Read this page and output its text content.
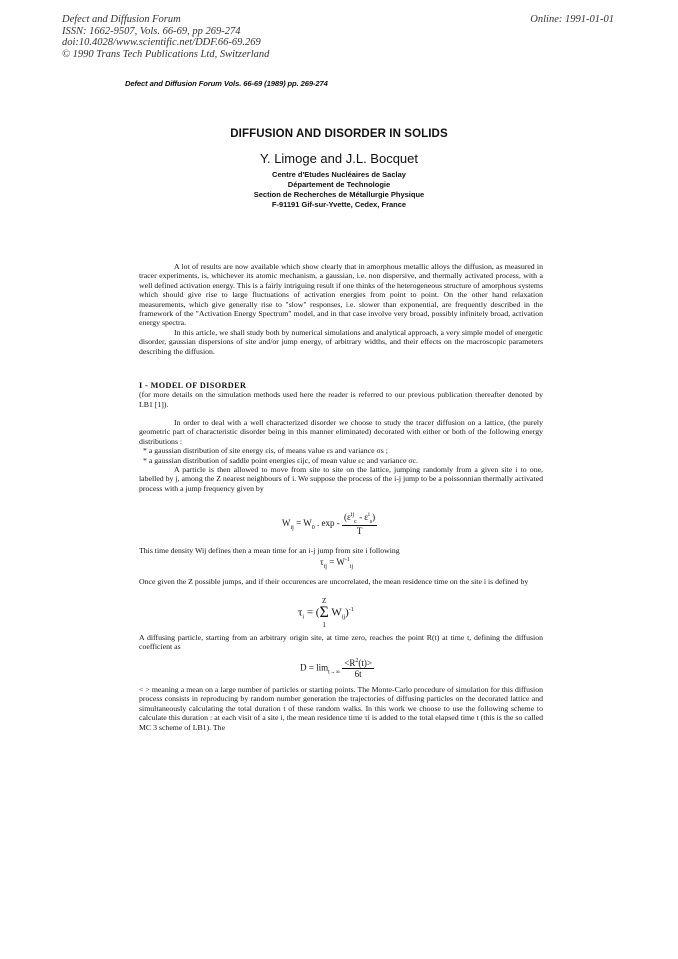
Defect and Diffusion Forum
ISSN: 1662-9507, Vols. 66-69, pp 269-274
doi:10.4028/www.scientific.net/DDF.66-69.269
© 1990 Trans Tech Publications Ltd, Switzerland
Online: 1991-01-01
Defect and Diffusion Forum Vols. 66-69 (1989) pp. 269-274
DIFFUSION AND DISORDER IN SOLIDS
Y. Limoge and J.L. Bocquet
Centre d'Etudes Nucléaires de Saclay
Département de Technologie
Section de Recherches de Métallurgie Physique
F-91191 Gif-sur-Yvette, Cedex, France

A lot of results are now available which show clearly that in amorphous metallic alloys the diffusion, as measured in tracer experiments, is, whichever its atomic mechanism, a gaussian, i.e. non dispersive, and thermally activated process, with a well defined activation energy. This is a fairly intriguing result if one thinks of the heterogeneous structure of amorphous systems which should give rise to large fluctuations of activation energies from point to point. On the other hand relaxation measurements, which give generally rise to "slow" responses, i.e. slower than exponential, are frequently described in the framework of the "Activation Energy Spectrum" model, and in that case involve very broad, possibly infinitely broad, activation energy spectra.

In this article, we shall study both by numerical simulations and analytical approach, a very simple model of energetic disorder, gaussian dispersions of site and/or jump energy, of arbitrary widths, and their effects on the macroscopic parameters describing the diffusion.

I - MODEL OF DISORDER

(for more details on the simulation methods used here the reader is referred to our previous publication thereafter denoted by LB1 [1]).

In order to deal with a well characterized disorder we choose to study the tracer diffusion on a lattice, (the purely geometric part of characteristic disorder being in this manner eliminated) decorated with either or both of the following energy distributions :

* a gaussian distribution of site energy εis, of means value εs and variance σs ;

* a gaussian distribution of saddle point energies εijc, of mean value εc and variance σc.

A particle is then allowed to move from site to site on the lattice, jumping randomly from a given site i to one, labelled by j, among the Z nearest neighbours of i. We suppose the process of the i-j jump to be a poissonnian thermally activated process with a jump frequency given by

$W_{ij} = W_0$ . exp - $\frac{(\varepsilon^{ij}_c - \varepsilon^i_s)}{T}$

This time density Wij defines then a mean time for an i-j jump from site i following

$\tau_{ij} = W^{-1}_{ij}$

Once given the Z possible jumps, and if their occurences are uncorrelated, the mean residence time on the site i is defined by

$\tau_i = (Z$
Σ
1 $W_{ij})^{-1}$

A diffusing particle, starting from an arbitrary origin site, at time zero, reaches the point R(t) at time t, defining the diffusion coefficient as

$D = \lim_{t\to\infty} \frac{<R^2(t)>}{6t}$

< > meaning a mean on a large number of particles or starting points. The Monte-Carlo procedure of simulation for this diffusion process consists in reproducing by random number generation the trajectories of diffusing particles on the decorated lattice and simultaneously calculating the total duration t of these random walks. In this work we choose to use the following scheme to calculate this duration : at each visit of a site i, the mean residence time τi is added to the total elapsed time t (this is the so called MC 3 scheme of LB1). The
